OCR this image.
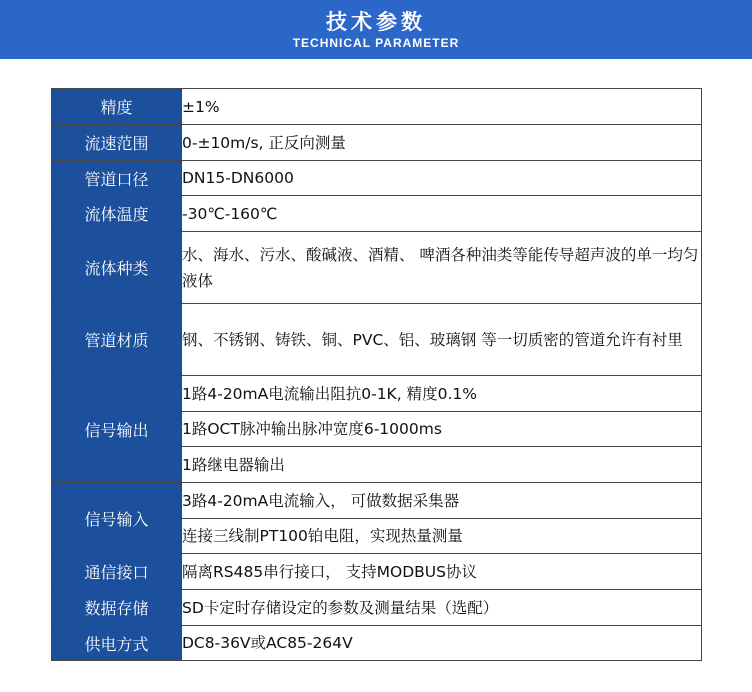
技术参数
TECHNICAL PARAMETER
精度	±1%
流速范围	0-±10m/s, 正反向测量
管道口径	DN15-DN6000
流体温度	-30℃-160℃
流体种类	水、海水、污水、酸碱液、酒精、 啤酒各种油类等能传导超声波的单一均匀液体
管道材质	钢、不锈钢、铸铁、铜、PVC、铝、玻璃钢 等一切质密的管道允许有衬里
信号输出	1路4-20mA电流输出阻抗0-1K, 精度0.1%
	1路OCT脉冲输出脉冲宽度6-1000ms
	1路继电器输出
信号输入	3路4-20mA电流输入， 可做数据采集器
	连接三线制PT100铂电阻，实现热量测量
通信接口	隔离RS485串行接口， 支持MODBUS协议
数据存储	SD卡定时存储设定的参数及测量结果（选配）
供电方式	DC8-36V或AC85-264V
